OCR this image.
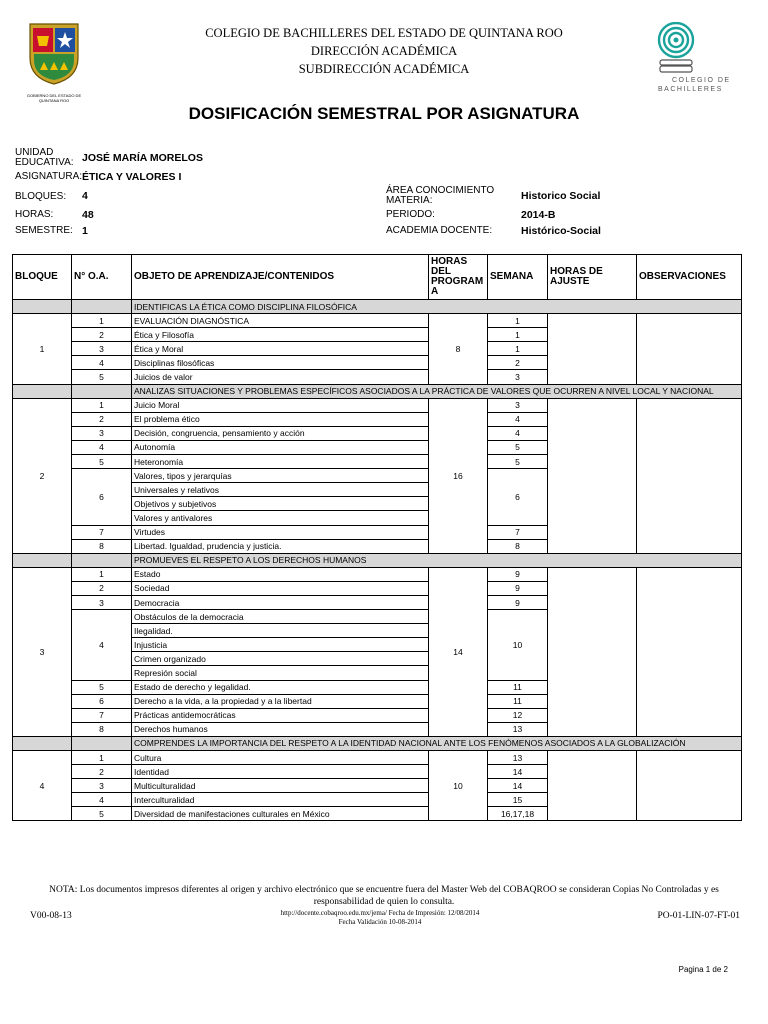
GOBIERNO DEL ESTADO DE QUINTANA ROO
COLEGIO DE BACHILLERES DEL ESTADO DE QUINTANA ROO
DIRECCIÓN ACADÉMICA
SUBDIRECCIÓN ACADÉMICA
COLEGIO DE
BACHILLERES
DOSIFICACIÓN SEMESTRAL POR ASIGNATURA
UNIDAD EDUCATIVA: JOSÉ MARÍA MORELOS
ASIGNATURA: ÉTICA Y VALORES I
BLOQUES: 4
HORAS:	48
SEMESTRE: 1
ÁREA CONOCIMIENTO MATERIA:	Historico Social
PERIODO:	2014-B
ACADEMIA DOCENTE:	Histórico-Social
BLOQUE	N° O.A.	OBJETO DE APRENDIZAJE/CONTENIDOS	HORAS DEL PROGRAM A	SEMANA	HORAS DE AJUSTE	OBSERVACIONES
		IDENTIFICAS LA ÉTICA COMO DISCIPLINA FILOSÓFICA				
1	1	EVALUACIÓN DIAGNÓSTICA	8	1		
	2	Ética y Filosofía		1		
	3	Ética y Moral		1		
	4	Disciplinas filosóficas		2		
	5	Juicios de valor		3		
		ANALIZAS SITUACIONES Y PROBLEMAS ESPECÍFICOS ASOCIADOS A LA PRÁCTICA DE VALORES QUE OCURREN A NIVEL LOCAL Y NACIONAL				
2	1	Juicio Moral	16	3		
	2	El problema ético		4		
	3	Decisión, congruencia, pensamiento y acción		4		
	4	Autonomía		5		
	5	Heteronomía		5		
	6	Valores, tipos y jerarquías		6		
		Universales y relativos				
		Objetivos y subjetivos				
		Valores y antivalores				
	7	Virtudes		7		
	8	Libertad. Igualdad, prudencia y justicia.		8		
		PROMUEVES EL RESPETO A LOS DERECHOS HUMANOS				
3	1	Estado	14	9		
	2	Sociedad		9		
	3	Democracia		9		
	4	Obstáculos de la democracia		10		
		Ilegalidad.				
		Injusticia				
		Crimen organizado				
		Represión social				
	5	Estado de derecho y legalidad.		11		
	6	Derecho a la vida, a la propiedad y a la libertad		11		
	7	Prácticas antidemocráticas		12		
	8	Derechos humanos		13		
		COMPRENDES LA IMPORTANCIA DEL RESPETO A LA IDENTIDAD NACIONAL ANTE LOS FENÓMENOS ASOCIADOS A LA GLOBALIZACIÓN				
4	1	Cultura	10	13		
	2	Identidad		14		
	3	Multiculturalidad		14		
	4	Interculturalidad		15		
	5	Diversidad de manifestaciones culturales en México		16,17,18		
NOTA: Los documentos impresos diferentes al origen y archivo electrónico que se encuentre fuera del Master Web del COBAQROO se consideran Copias No Controladas y es responsabilidad de quien lo consulta.
V00-08-13	http://docente.cobaqroo.edu.mx/jema/ Fecha de Impresión: 12/08/2014
Fecha Validación 10-08-2014
PO-01-LIN-07-FT-01
Pagina 1 de 2
